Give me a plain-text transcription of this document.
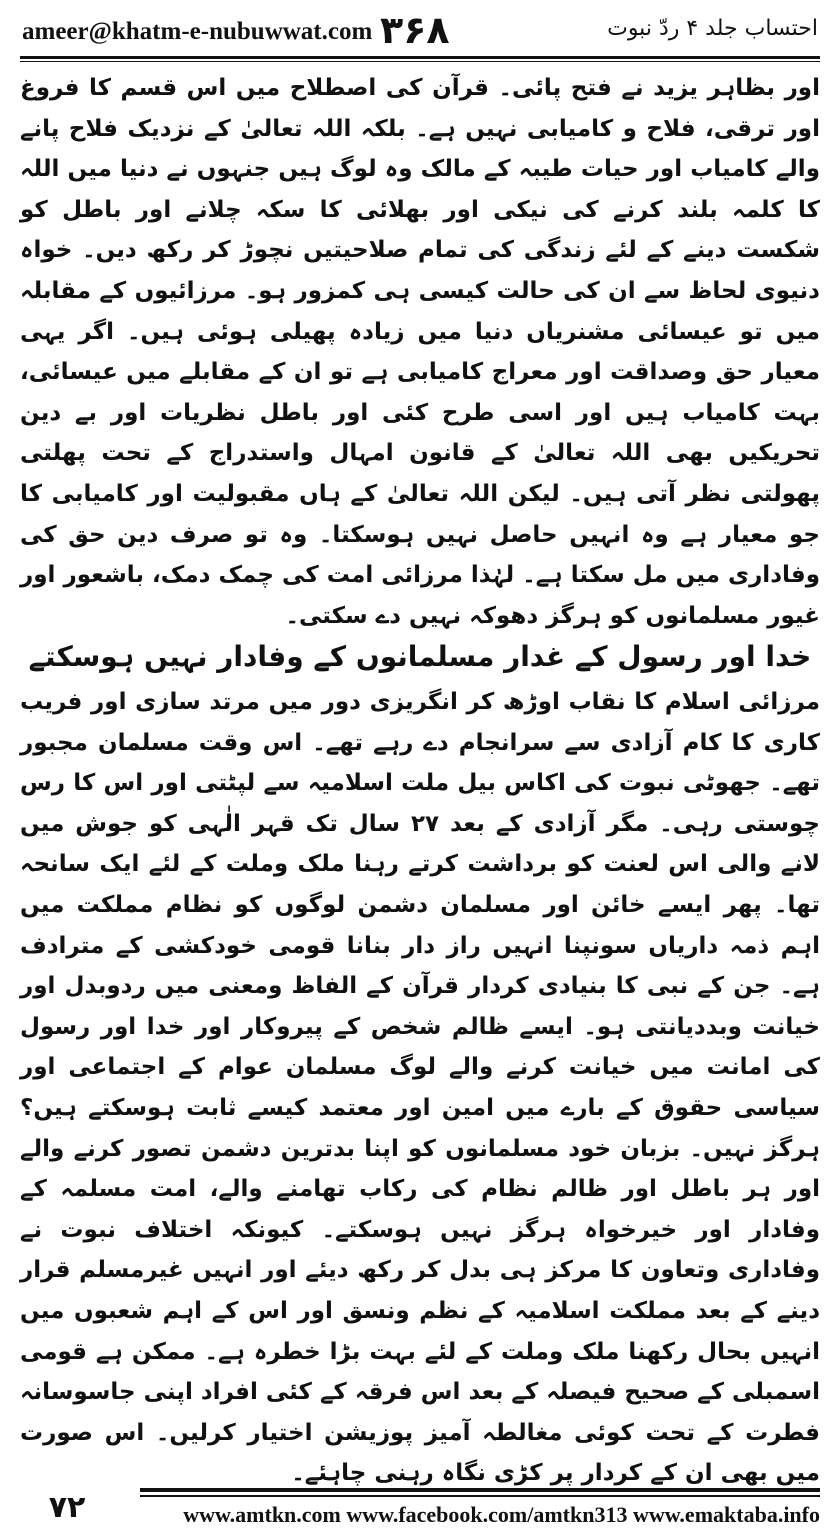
ameer@khatm-e-nubuwwat.com ۳۶۸	احتساب جلد ۴ ردّ نبوت

اور بظاہر یزید نے فتح پائی۔ قرآن کی اصطلاح میں اس قسم کا فروغ اور ترقی، فلاح و کامیابی نہیں ہے۔ بلکہ اللہ تعالیٰ کے نزدیک فلاح پانے والے کامیاب اور حیات طیبہ کے مالک وہ لوگ ہیں جنہوں نے دنیا میں اللہ کا کلمہ بلند کرنے کی نیکی اور بھلائی کا سکہ چلانے اور باطل کو شکست دینے کے لئے زندگی کی تمام صلاحیتیں نچوڑ کر رکھ دیں۔ خواہ دنیوی لحاظ سے ان کی حالت کیسی ہی کمزور ہو۔ مرزائیوں کے مقابلہ میں تو عیسائی مشنریاں دنیا میں زیادہ پھیلی ہوئی ہیں۔ اگر یہی معیار حق وصداقت اور معراج کامیابی ہے تو ان کے مقابلے میں عیسائی، بہت کامیاب ہیں اور اسی طرح کئی اور باطل نظریات اور بے دین تحریکیں بھی اللہ تعالیٰ کے قانون امہال واستدراج کے تحت پھلتی پھولتی نظر آتی ہیں۔ لیکن اللہ تعالیٰ کے ہاں مقبولیت اور کامیابی کا جو معیار ہے وہ انہیں حاصل نہیں ہوسکتا۔ وہ تو صرف دین حق کی وفاداری میں مل سکتا ہے۔ لہٰذا مرزائی امت کی چمک دمک، باشعور اور غیور مسلمانوں کو ہرگز دھوکہ نہیں دے سکتی۔

خدا اور رسول کے غدار مسلمانوں کے وفادار نہیں ہوسکتے

مرزائی اسلام کا نقاب اوڑھ کر انگریزی دور میں مرتد سازی اور فریب کاری کا کام آزادی سے سرانجام دے رہے تھے۔ اس وقت مسلمان مجبور تھے۔ جھوٹی نبوت کی اکاس بیل ملت اسلامیہ سے لپٹتی اور اس کا رس چوستی رہی۔ مگر آزادی کے بعد ۲۷ سال تک قہر الٰہی کو جوش میں لانے والی اس لعنت کو برداشت کرتے رہنا ملک وملت کے لئے ایک سانحہ تھا۔ پھر ایسے خائن اور مسلمان دشمن لوگوں کو نظام مملکت میں اہم ذمہ داریاں سونپنا انہیں راز دار بنانا قومی خودکشی کے مترادف ہے۔ جن کے نبی کا بنیادی کردار قرآن کے الفاظ ومعنی میں ردوبدل اور خیانت وبددیانتی ہو۔ ایسے ظالم شخص کے پیروکار اور خدا اور رسول کی امانت میں خیانت کرنے والے لوگ مسلمان عوام کے اجتماعی اور سیاسی حقوق کے بارے میں امین اور معتمد کیسے ثابت ہوسکتے ہیں؟ ہرگز نہیں۔ بزبان خود مسلمانوں کو اپنا بدترین دشمن تصور کرنے والے اور ہر باطل اور ظالم نظام کی رکاب تھامنے والے، امت مسلمہ کے وفادار اور خیرخواہ ہرگز نہیں ہوسکتے۔ کیونکہ اختلاف نبوت نے وفاداری وتعاون کا مرکز ہی بدل کر رکھ دیئے اور انہیں غیرمسلم قرار دینے کے بعد مملکت اسلامیہ کے نظم ونسق اور اس کے اہم شعبوں میں انہیں بحال رکھنا ملک وملت کے لئے بہت بڑا خطرہ ہے۔ ممکن ہے قومی اسمبلی کے صحیح فیصلہ کے بعد اس فرقہ کے کئی افراد اپنی جاسوسانہ فطرت کے تحت کوئی مغالطہ آمیز پوزیشن اختیار کرلیں۔ اس صورت میں بھی ان کے کردار پر کڑی نگاہ رہنی چاہئے۔

۷۲	www.amtkn.com www.facebook.com/amtkn313 www.emaktaba.info
